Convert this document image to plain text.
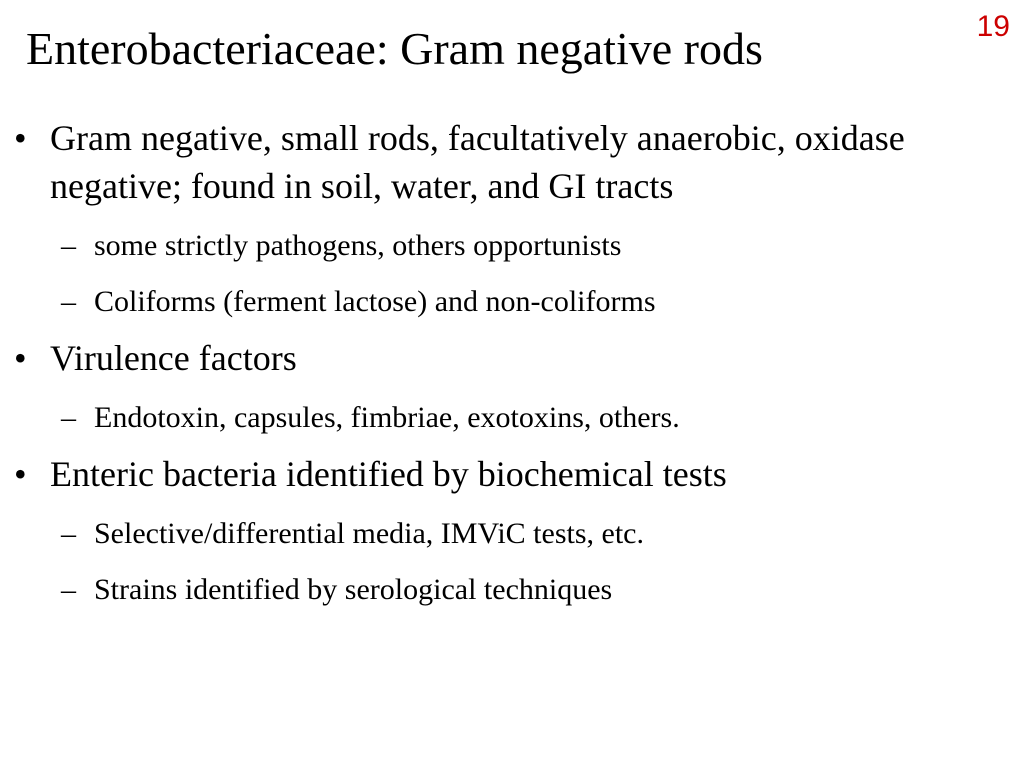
19
Enterobacteriaceae: Gram negative rods
• Gram negative, small rods, facultatively anaerobic, oxidase negative; found in soil, water, and GI tracts
– some strictly pathogens, others opportunists
– Coliforms (ferment lactose) and non-coliforms
• Virulence factors
– Endotoxin, capsules, fimbriae, exotoxins, others.
• Enteric bacteria identified by biochemical tests
– Selective/differential media, IMViC tests, etc.
– Strains identified by serological techniques
